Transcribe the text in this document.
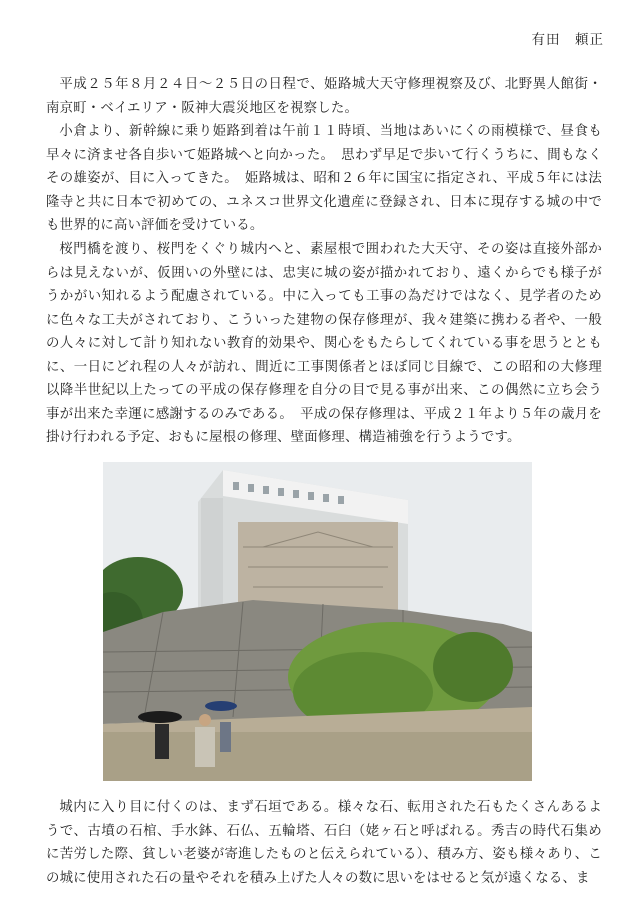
有田　頼正

平成２５年８月２４日～２５日の日程で、姫路城大天守修理視察及び、北野異人館街・南京町・ベイエリア・阪神大震災地区を視察した。

小倉より、新幹線に乗り姫路到着は午前１１時頃、当地はあいにくの雨模様で、昼食も早々に済ませ各自歩いて姫路城へと向かった。　思わず早足で歩いて行くうちに、間もなくその雄姿が、目に入ってきた。　姫路城は、昭和２６年に国宝に指定され、平成５年には法隆寺と共に日本で初めての、ユネスコ世界文化遺産に登録され、日本に現存する城の中でも世界的に高い評価を受けている。

桜門橋を渡り、桜門をくぐり城内へと、素屋根で囲われた大天守、その姿は直接外部からは見えないが、仮囲いの外壁には、忠実に城の姿が描かれており、遠くからでも様子がうかがい知れるよう配慮されている。中に入っても工事の為だけではなく、見学者のために色々な工夫がされており、こういった建物の保存修理が、我々建築に携わる者や、一般の人々に対して計り知れない教育的効果や、関心をもたらしてくれている事を思うとともに、一日にどれ程の人々が訪れ、間近に工事関係者とほぼ同じ目線で、この昭和の大修理以降半世紀以上たっての平成の保存修理を自分の目で見る事が出来、この偶然に立ち会う事が出来た幸運に感謝するのみである。　平成の保存修理は、平成２１年より５年の歳月を掛け行われる予定、おもに屋根の修理、壁面修理、構造補強を行うようです。

城内に入り目に付くのは、まず石垣である。様々な石、転用された石もたくさんあるようで、古墳の石棺、手水鉢、石仏、五輪塔、石臼（姥ヶ石と呼ばれる。秀吉の時代石集めに苦労した際、貧しい老婆が寄進したものと伝えられている）、積み方、姿も様々あり、この城に使用された石の量やそれを積み上げた人々の数に思いをはせると気が遠くなる、ま
